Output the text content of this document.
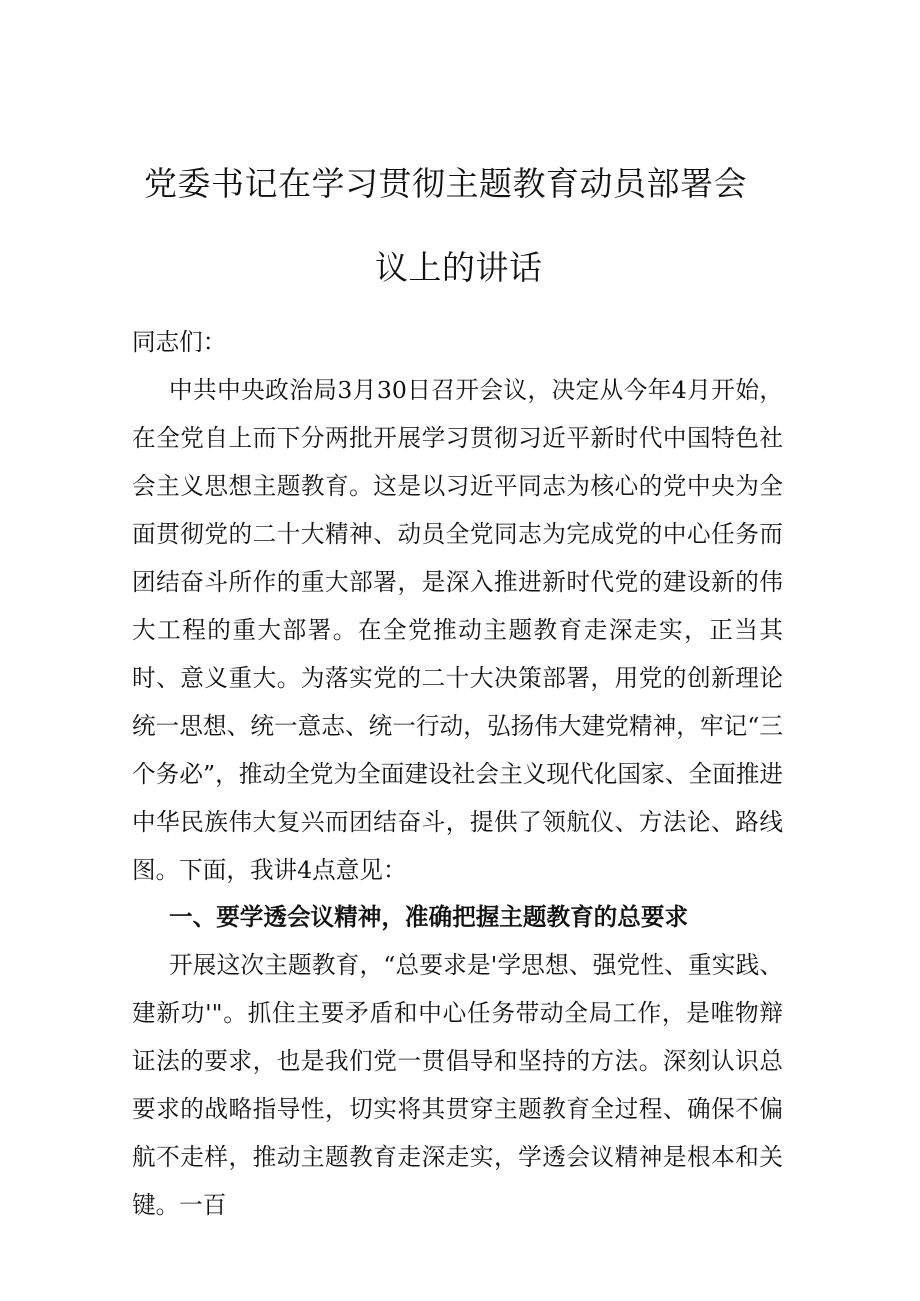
党委书记在学习贯彻主题教育动员部署会
议上的讲话
同志们：
中共中央政治局3月30日召开会议，决定从今年4月开始，在全党自上而下分两批开展学习贯彻习近平新时代中国特色社会主义思想主题教育。这是以习近平同志为核心的党中央为全面贯彻党的二十大精神、动员全党同志为完成党的中心任务而团结奋斗所作的重大部署，是深入推进新时代党的建设新的伟大工程的重大部署。在全党推动主题教育走深走实，正当其时、意义重大。为落实党的二十大决策部署，用党的创新理论统一思想、统一意志、统一行动，弘扬伟大建党精神，牢记“三个务必”，推动全党为全面建设社会主义现代化国家、全面推进中华民族伟大复兴而团结奋斗，提供了领航仪、方法论、路线图。下面，我讲4点意见：
一、要学透会议精神，准确把握主题教育的总要求
开展这次主题教育，“总要求是'学思想、强党性、重实践、建新功'"。抓住主要矛盾和中心任务带动全局工作，是唯物辩证法的要求，也是我们党一贯倡导和坚持的方法。深刻认识总要求的战略指导性，切实将其贯穿主题教育全过程、确保不偏航不走样，推动主题教育走深走实，学透会议精神是根本和关键。一百
